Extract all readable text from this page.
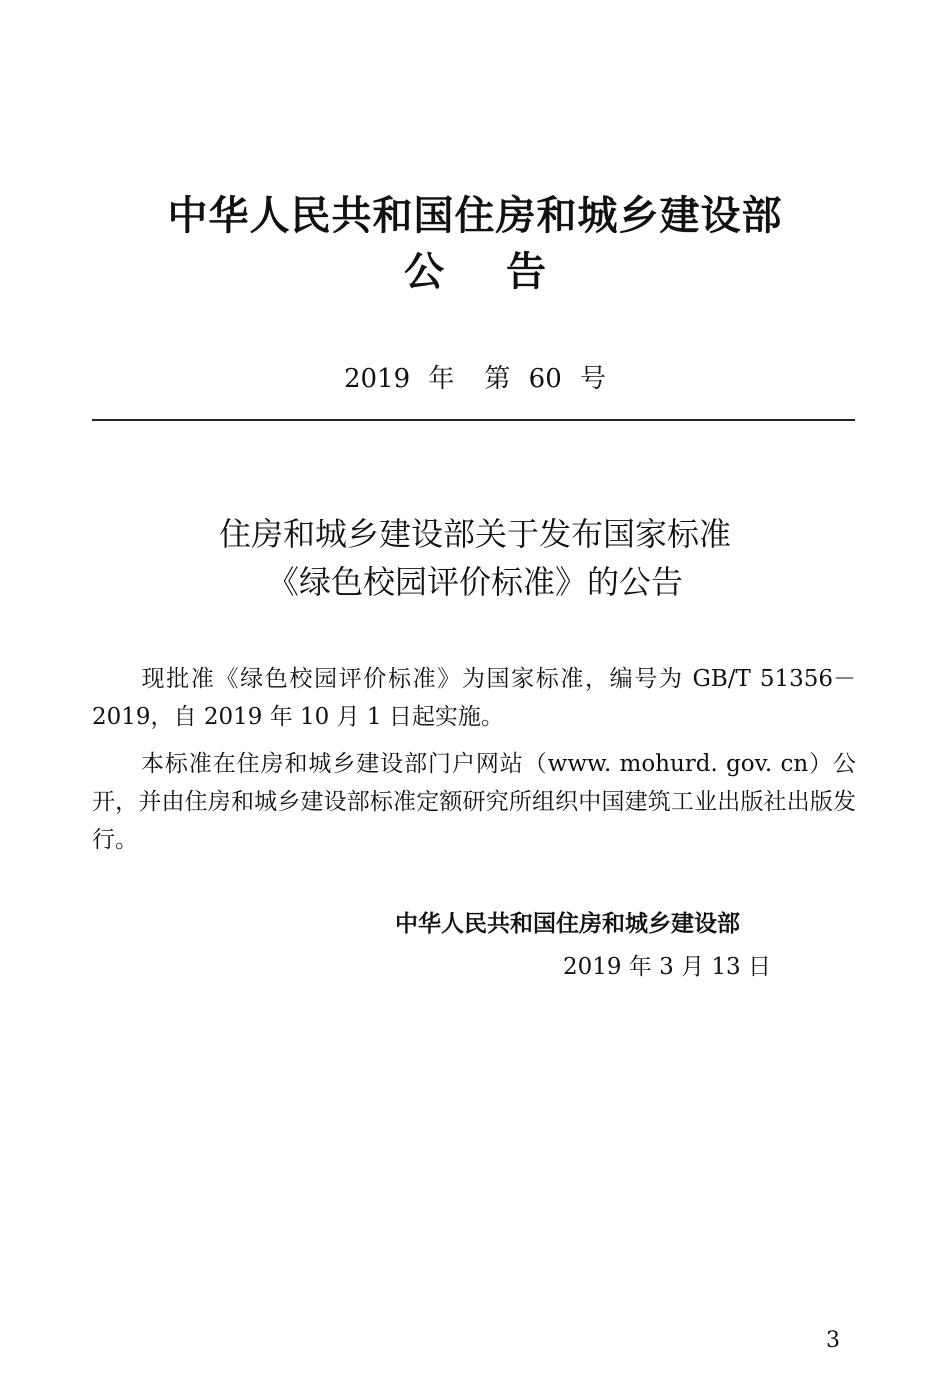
中华人民共和国住房和城乡建设部
公告
2019 年 第 60 号
住房和城乡建设部关于发布国家标准
《绿色校园评价标准》的公告
现批准《绿色校园评价标准》为国家标准，编号为 GB/T 51356－2019，自 2019 年 10 月 1 日起实施。
本标准在住房和城乡建设部门户网站（www. mohurd. gov. cn）公开，并由住房和城乡建设部标准定额研究所组织中国建筑工业出版社出版发行。
中华人民共和国住房和城乡建设部
2019 年 3 月 13 日
3
